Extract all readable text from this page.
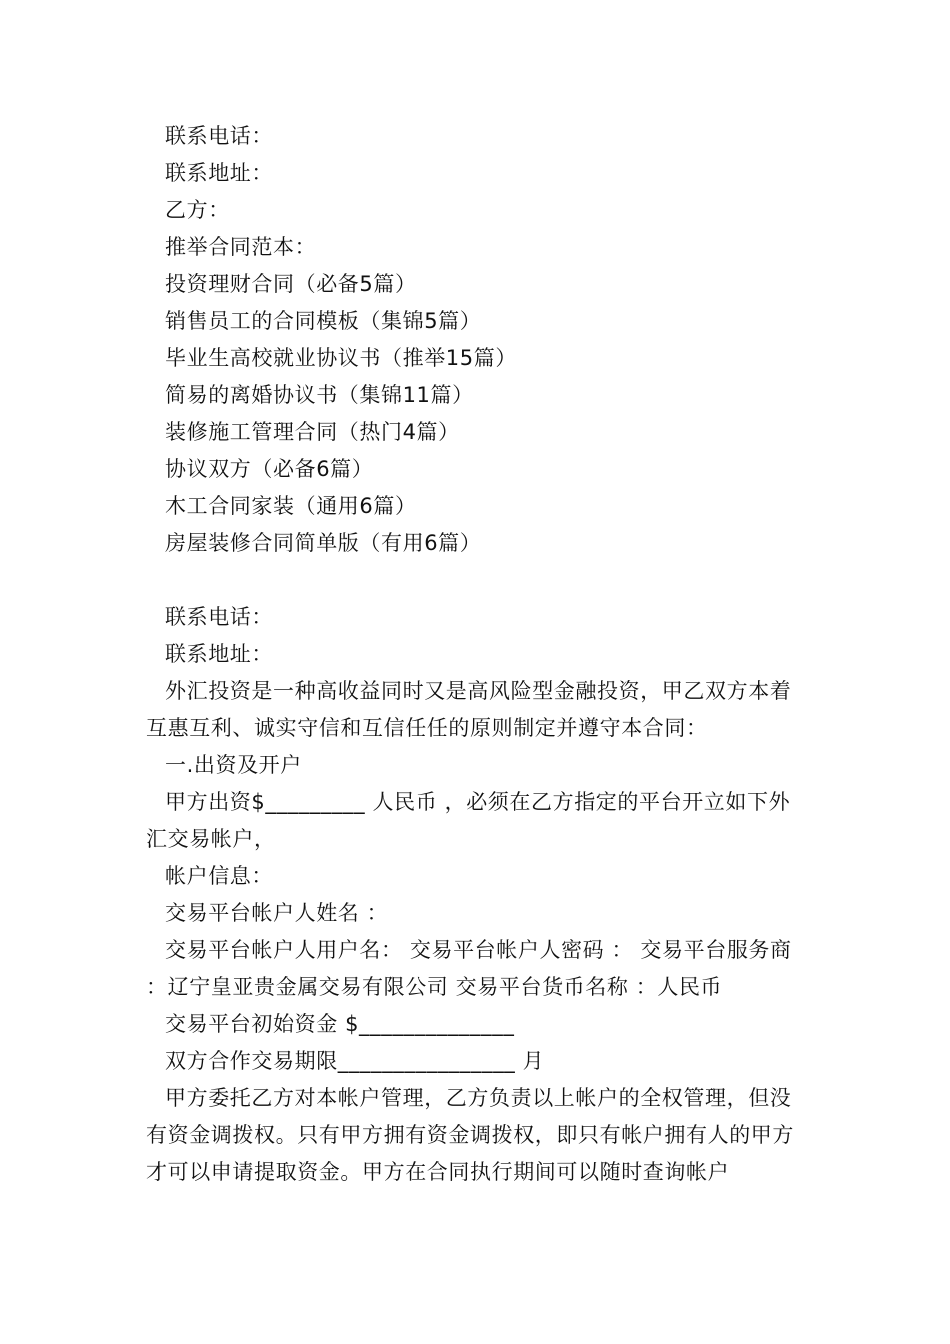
联系电话：
联系地址：
乙方：
推举合同范本：
投资理财合同（必备5篇）
销售员工的合同模板（集锦5篇）
毕业生高校就业协议书（推举15篇）
简易的离婚协议书（集锦11篇）
装修施工管理合同（热门4篇）
协议双方（必备6篇）
木工合同家装（通用6篇）
房屋装修合同简单版（有用6篇）
联系电话：
联系地址：
外汇投资是一种高收益同时又是高风险型金融投资，甲乙双方本着互惠互利、诚实守信和互信任任的原则制定并遵守本合同：
一.出资及开户
甲方出资$_________ 人民币 ，必须在乙方指定的平台开立如下外汇交易帐户，
帐户信息：
交易平台帐户人姓名 ：
交易平台帐户人用户名： 交易平台帐户人密码 ： 交易平台服务商 ：辽宁皇亚贵金属交易有限公司 交易平台货币名称 ：人民币
交易平台初始资金 $______________
双方合作交易期限________________ 月
甲方委托乙方对本帐户管理，乙方负责以上帐户的全权管理，但没有资金调拨权。只有甲方拥有资金调拨权，即只有帐户拥有人的甲方才可以申请提取资金。甲方在合同执行期间可以随时查询帐户
